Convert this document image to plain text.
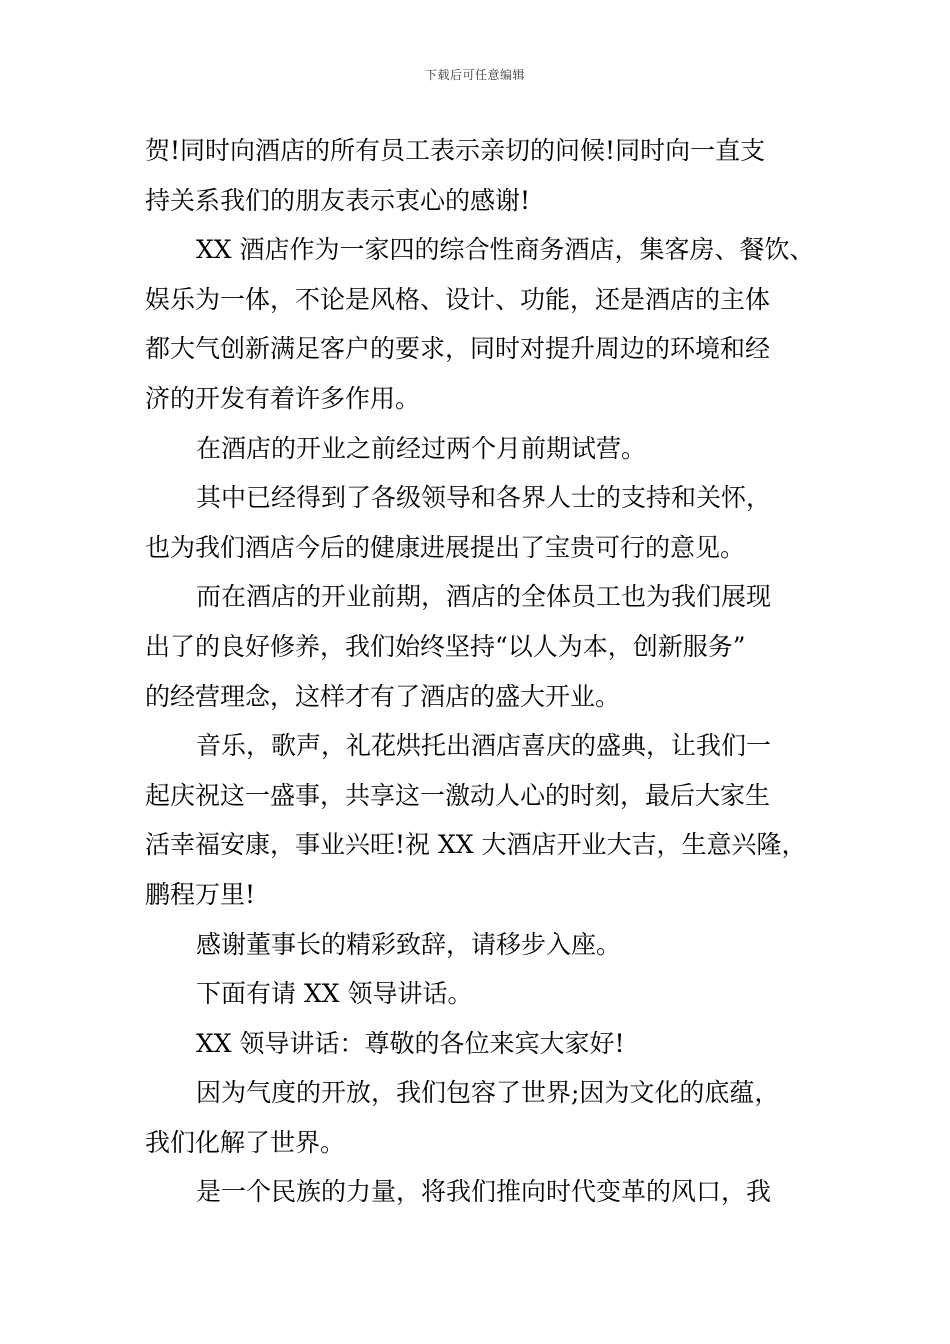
下载后可任意编辑
贺!同时向酒店的所有员工表示亲切的问候!同时向一直支
持关系我们的朋友表示衷心的感谢!
XX 酒店作为一家四的综合性商务酒店，集客房、餐饮、
娱乐为一体，不论是风格、设计、功能，还是酒店的主体
都大气创新满足客户的要求，同时对提升周边的环境和经
济的开发有着许多作用。
在酒店的开业之前经过两个月前期试营。
其中已经得到了各级领导和各界人士的支持和关怀，
也为我们酒店今后的健康进展提出了宝贵可行的意见。
而在酒店的开业前期，酒店的全体员工也为我们展现
出了的良好修养，我们始终坚持“以人为本，创新服务”
的经营理念，这样才有了酒店的盛大开业。
音乐，歌声，礼花烘托出酒店喜庆的盛典，让我们一
起庆祝这一盛事，共享这一激动人心的时刻，最后大家生
活幸福安康，事业兴旺!祝 XX 大酒店开业大吉，生意兴隆，
鹏程万里!
感谢董事长的精彩致辞，请移步入座。
下面有请 XX 领导讲话。
XX 领导讲话：尊敬的各位来宾大家好!
因为气度的开放，我们包容了世界;因为文化的底蕴，
我们化解了世界。
是一个民族的力量，将我们推向时代变革的风口，我
